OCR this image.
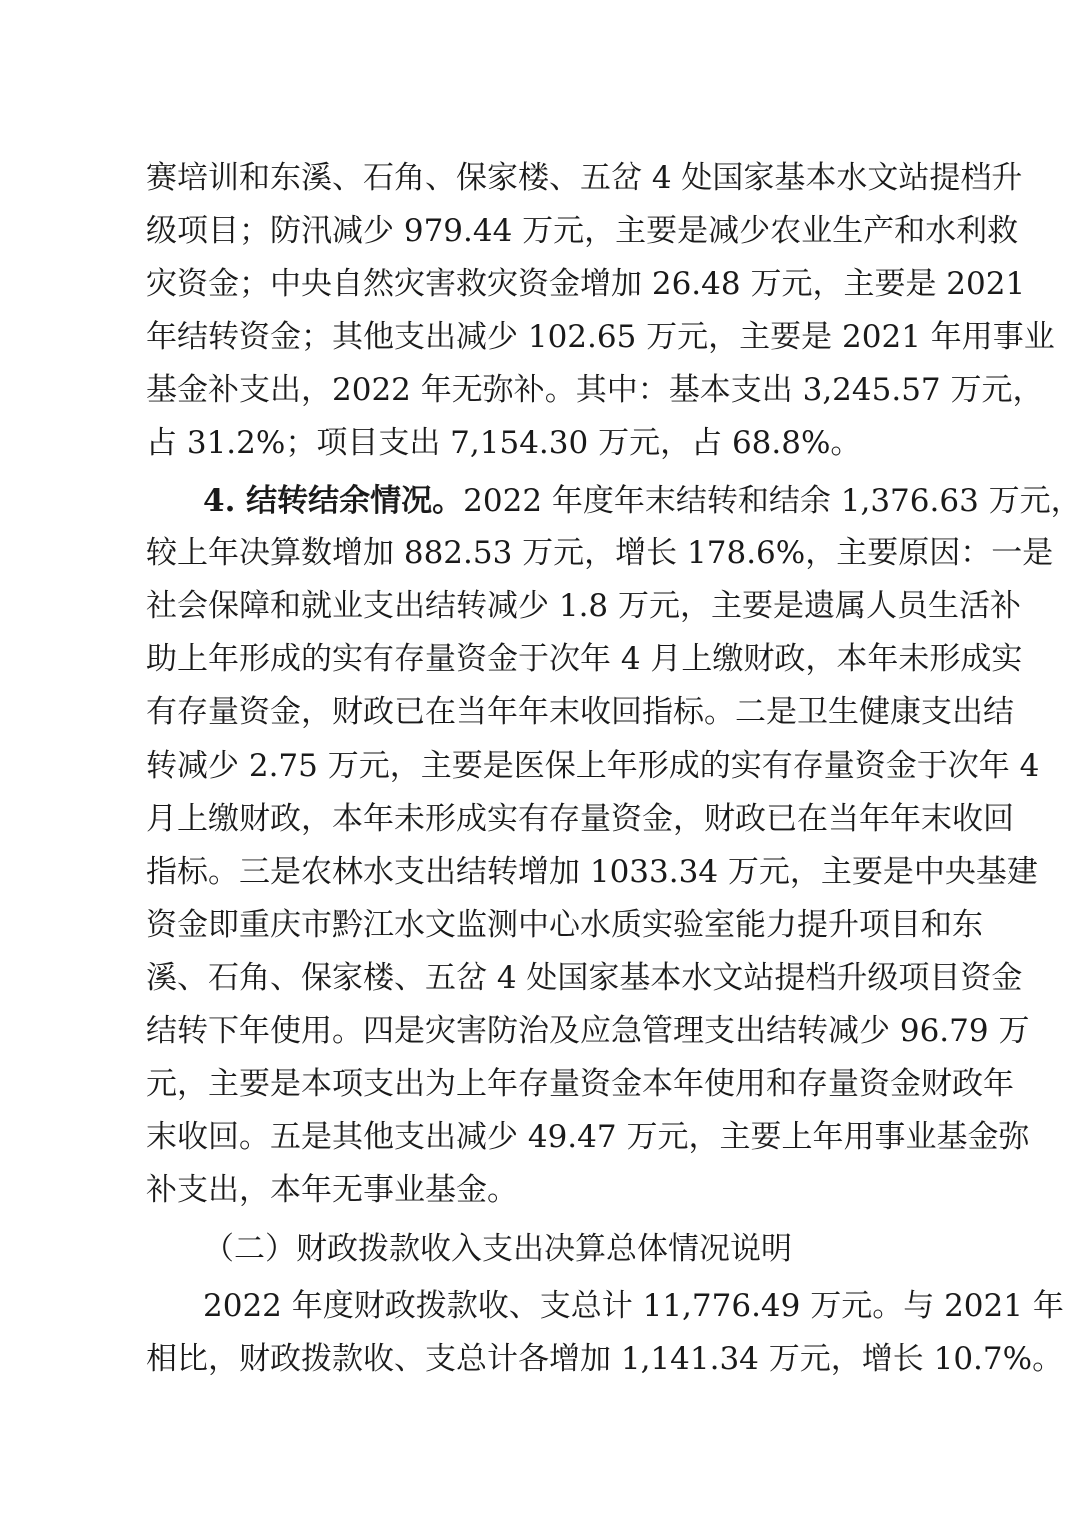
赛培训和东溪、石角、保家楼、五岔 4 处国家基本水文站提档升
级项目；防汛减少 979.44 万元，主要是减少农业生产和水利救
灾资金；中央自然灾害救灾资金增加 26.48 万元，主要是 2021
年结转资金；其他支出减少 102.65 万元，主要是 2021 年用事业
基金补支出，2022 年无弥补。其中：基本支出 3,245.57 万元，
占 31.2%；项目支出 7,154.30 万元，占 68.8%。
4. 结转结余情况。2022 年度年末结转和结余 1,376.63 万元，
较上年决算数增加 882.53 万元，增长 178.6%，主要原因：一是
社会保障和就业支出结转减少 1.8 万元，主要是遗属人员生活补
助上年形成的实有存量资金于次年 4 月上缴财政，本年未形成实
有存量资金，财政已在当年年末收回指标。二是卫生健康支出结
转减少 2.75 万元，主要是医保上年形成的实有存量资金于次年 4
月上缴财政，本年未形成实有存量资金，财政已在当年年末收回
指标。三是农林水支出结转增加 1033.34 万元，主要是中央基建
资金即重庆市黔江水文监测中心水质实验室能力提升项目和东
溪、石角、保家楼、五岔 4 处国家基本水文站提档升级项目资金
结转下年使用。四是灾害防治及应急管理支出结转减少 96.79 万
元，主要是本项支出为上年存量资金本年使用和存量资金财政年
末收回。五是其他支出减少 49.47 万元，主要上年用事业基金弥
补支出，本年无事业基金。
（二）财政拨款收入支出决算总体情况说明
2022 年度财政拨款收、支总计 11,776.49 万元。与 2021 年
相比，财政拨款收、支总计各增加 1,141.34 万元，增长 10.7%。
